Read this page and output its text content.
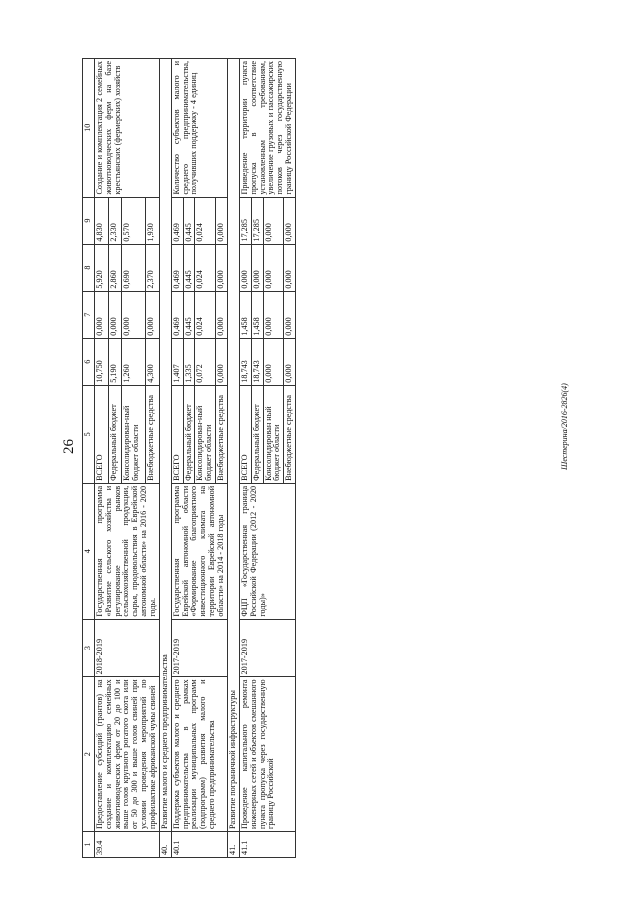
26	Шестерина/2016-2826(4)
1	2	3	4	5	6	7	8	9	10
39.4	Предоставление субсидий (грантов) на создание и комплектацию семейных животноводческих ферм от 20 до 100 и выше голов крупного рогатого скота или от 50 до 300 и выше голов свиней при условии проведения мероприятий по профилактике африканской чумы свиней	2018-2019	Государственная программа «Развитие сельского хозяйства и регулирование рынков сельскохозяйственной продукции, сырья, продовольствия в Еврейской автономной области» на 2016 - 2020 годы.	ВСЕГО	10,750	0,000	5,920	4,830	Создание и комплектация 2 семейных животноводческих ферм на базе крестьянских (фермерских) хозяйств
				Федеральный бюджет	5,190	0,000	2,860	2,330	
				Консолидирован-ный бюджет области	1,260	0,000	0,690	0,570	
				Внебюджетные средства	4,300	0,000	2,370	1,930	
40.	Развитие малого и среднего предпринимательства								
40.1	Поддержка субъектов малого и среднего предпринимательства в рамках реализации муниципальных программ (подпрограмм) развития малого и среднего предпринимательства	2017-2019	Государственная программа Еврейской автономной области «Формирование благоприятного инвестиционного климата на территории Еврейской автономной области» на 2014 - 2018 годы	ВСЕГО	1,407	0,469	0,469	0,469	Количество субъектов малого и среднего предпринимательства, получивших поддержку - 4 единиц
				Федеральный бюджет	1,335	0,445	0,445	0,445	
				Консолидирован-ный бюджет области	0,072	0,024	0,024	0,024	
				Внебюджетные средства	0,000	0,000	0,000	0,000	
41.	Развитие пограничной инфраструктуры								
41.1	Проведение капитального ремонта инженерных сетей и объектов смешанного пункта пропуска через государственную границу Российской	2017-2019	ФЦП «Государственная граница Российской Федерации (2012 - 2020 годы)»	ВСЕГО	18,743	1,458	0,000	17,285	Приведение территории пункта пропуска в соответствие установленным требованиям, увеличение грузовых и пассажирских потоков через государственную границу Российской Федерации
				Федеральный бюджет	18,743	1,458	0,000	17,285	
				Консолидирован ный бюджет области	0,000	0,000	0,000	0,000	
				Внебюджетные средства	0,000	0,000	0,000	0,000	
